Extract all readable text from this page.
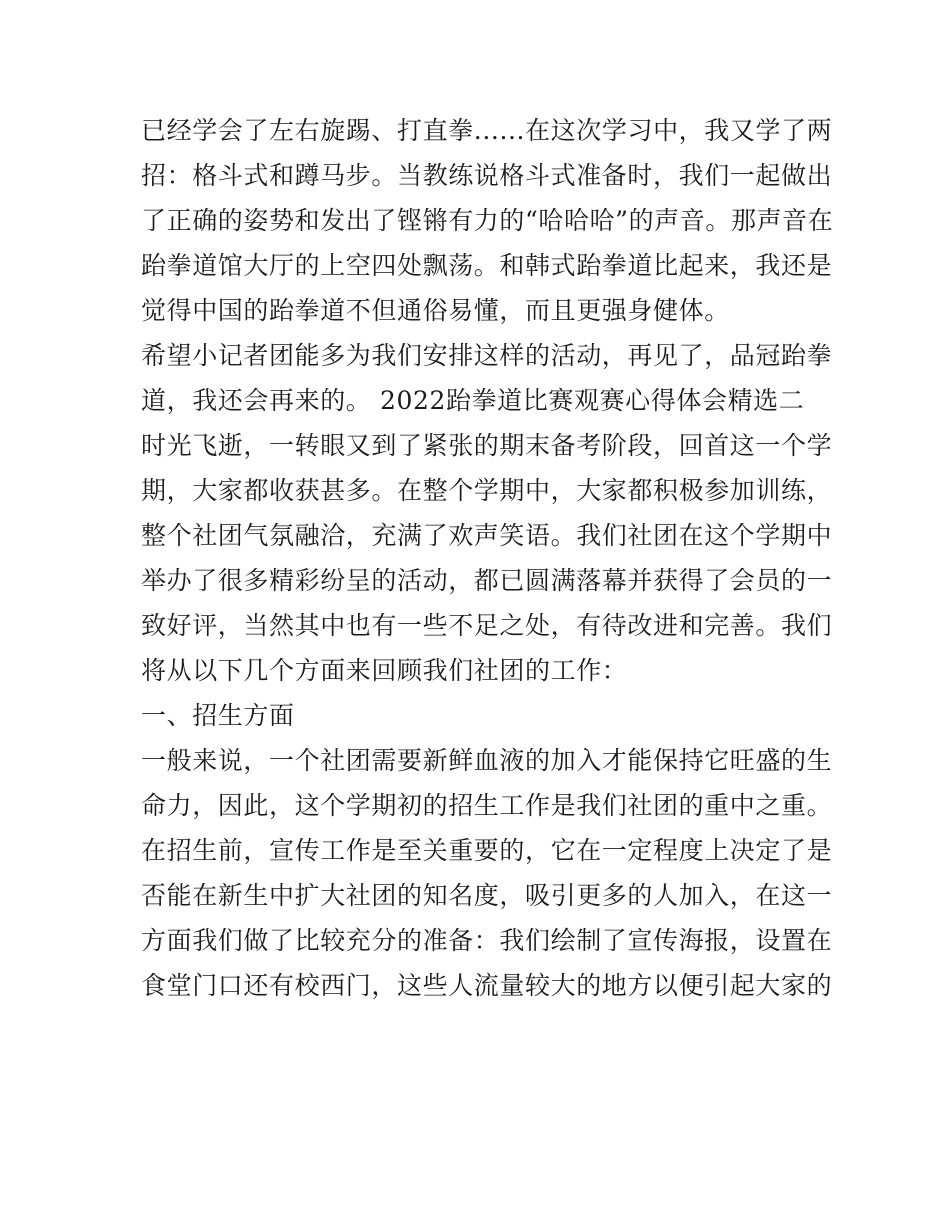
已经学会了左右旋踢、打直拳......在这次学习中，我又学了两
招：格斗式和蹲马步。当教练说格斗式准备时，我们一起做出
了正确的姿势和发出了铿锵有力的“哈哈哈”的声音。那声音在
跆拳道馆大厅的上空四处飘荡。和韩式跆拳道比起来，我还是
觉得中国的跆拳道不但通俗易懂，而且更强身健体。
希望小记者团能多为我们安排这样的活动，再见了，品冠跆拳
道，我还会再来的。 2022跆拳道比赛观赛心得体会精选二
时光飞逝，一转眼又到了紧张的期末备考阶段，回首这一个学
期，大家都收获甚多。在整个学期中，大家都积极参加训练，
整个社团气氛融洽，充满了欢声笑语。我们社团在这个学期中
举办了很多精彩纷呈的活动，都已圆满落幕并获得了会员的一
致好评，当然其中也有一些不足之处，有待改进和完善。我们
将从以下几个方面来回顾我们社团的工作：
一、招生方面
一般来说，一个社团需要新鲜血液的加入才能保持它旺盛的生
命力，因此，这个学期初的招生工作是我们社团的重中之重。
在招生前，宣传工作是至关重要的，它在一定程度上决定了是
否能在新生中扩大社团的知名度，吸引更多的人加入，在这一
方面我们做了比较充分的准备：我们绘制了宣传海报，设置在
食堂门口还有校西门，这些人流量较大的地方以便引起大家的
